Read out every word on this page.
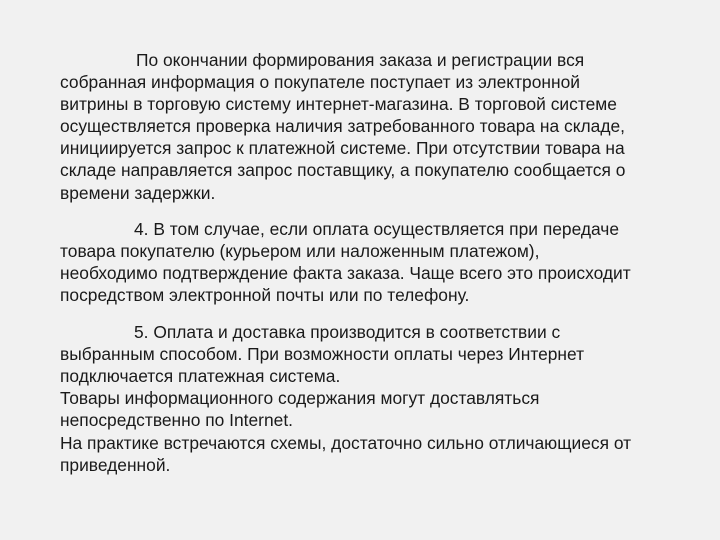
По окончании формирования заказа и регистрации вся
собранная информация о покупателе поступает из электронной
витрины в торговую систему интернет-магазина. В торговой системе
осуществляется проверка наличия затребованного товара на складе,
инициируется запрос к платежной системе. При отсутствии товара на
складе направляется запрос поставщику, а покупателю сообщается о
времени задержки.
4. В том случае, если оплата осуществляется при передаче
товара покупателю (курьером или наложенным платежом),
необходимо подтверждение факта заказа. Чаще всего это происходит
посредством электронной почты или по телефону.
5. Оплата и доставка производится в соответствии с
выбранным способом. При возможности оплаты через Интернет
подключается платежная система.
Товары информационного содержания могут доставляться
непосредственно по Internet.
На практике встречаются схемы, достаточно сильно отличающиеся от
приведенной.
